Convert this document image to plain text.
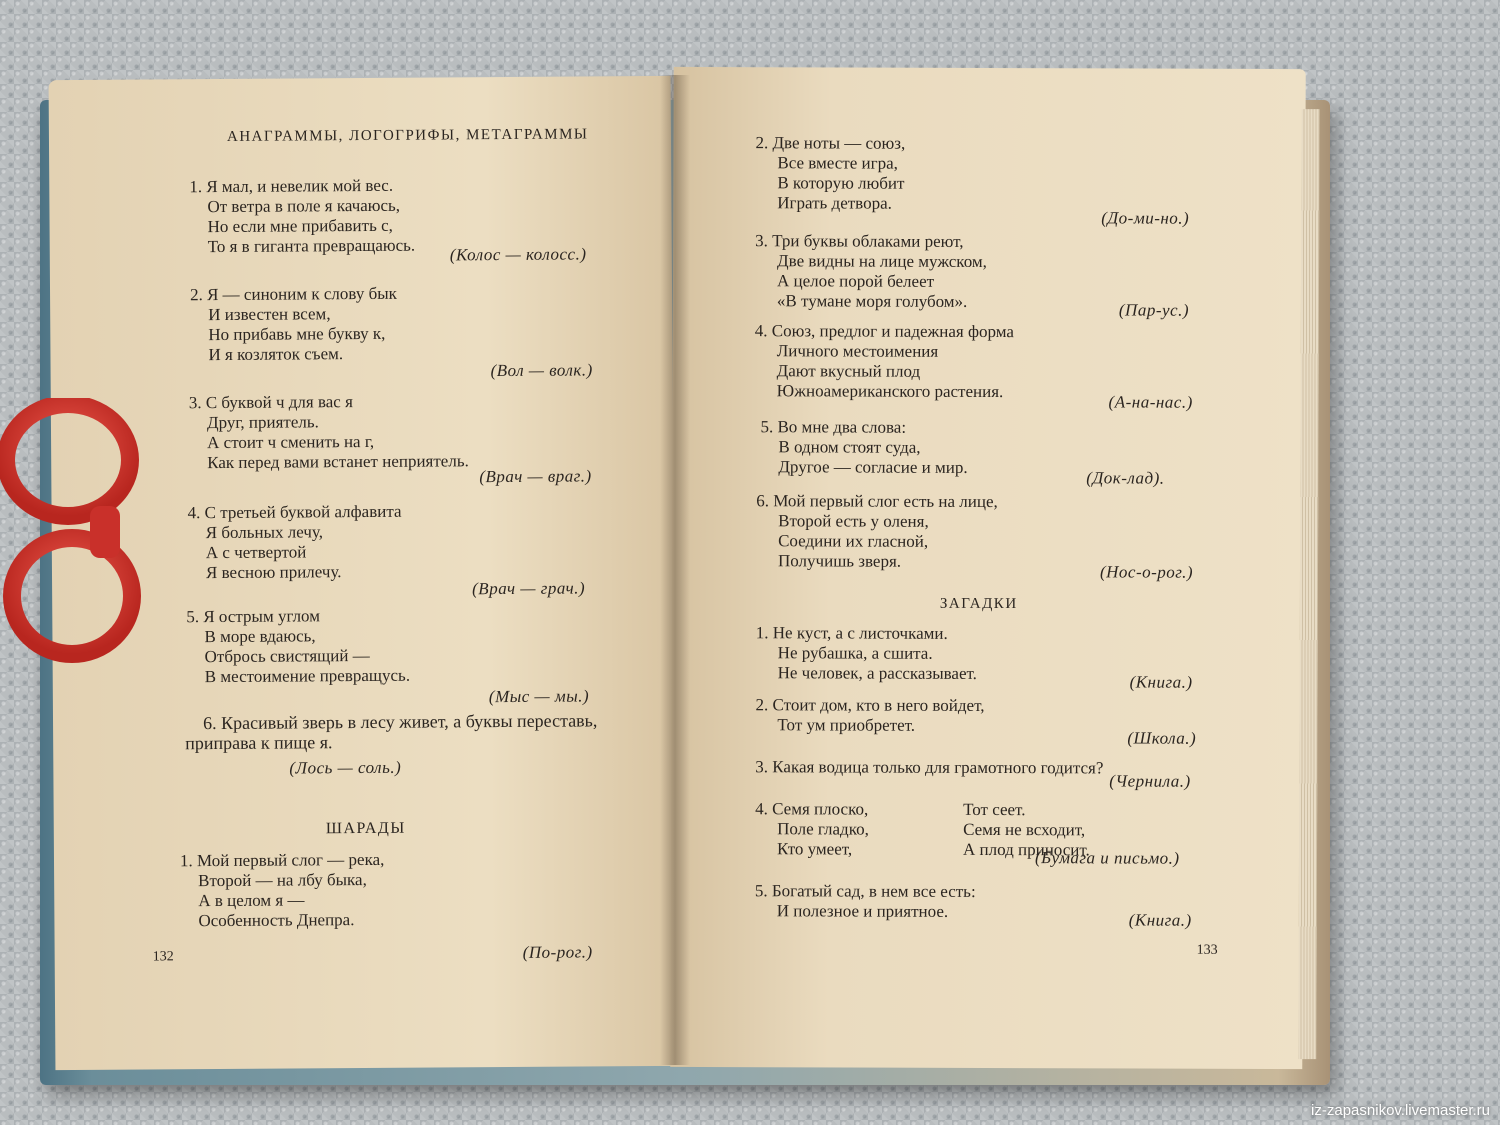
АНАГРАММЫ, ЛОГОГРИФЫ, МЕТАГРАММЫ
1. Я мал, и невелик мой вес.
От ветра в поле я качаюсь,
Но если мне прибавить с,
То я в гиганта превращаюсь. (Колос — колосс.)
2. Я — синоним к слову бык
И известен всем,
Но прибавь мне букву к,
И я козляток съем.
(Вол — волк.)
3. С буквой ч для вас я
Друг, приятель.
А стоит ч сменить на г,
Как перед вами встанет неприятель.
(Врач — враг.)
4. С третьей буквой алфавита
Я больных лечу,
А с четвертой
Я весною прилечу.
(Врач — грач.)
5. Я острым углом
В море вдаюсь,
Отбрось свистящий —
В местоимение превращусь.
(Мыс — мы.)
6. Красивый зверь в лесу живет, а буквы переставь,
приправа к пище я.
(Лось — соль.)
ШАРАДЫ
1. Мой первый слог — река,
Второй — на лбу быка,
А в целом я —
Особенность Днепра.
132	(По-рог.)
2. Две ноты — союз,
Все вместе игра,
В которую любит
Играть детвора.
(До-ми-но.)
3. Три буквы облаками реют,
Две видны на лице мужском,
А целое порой белеет
«В тумане моря голубом».	(Пар-ус.)
4. Союз, предлог и падежная форма
Личного местоимения
Дают вкусный плод
Южноамериканского растения.
(А-на-нас.)
5. Во мне два слова:
В одном стоят суда,
Другое — согласие и мир.
(Док-лад).
6. Мой первый слог есть на лице,
Второй есть у оленя,
Соедини их гласной,
Получишь зверя.
(Нос-о-рог.)
ЗАГАДКИ
1. Не куст, а с листочками.
Не рубашка, а сшита.
Не человек, а рассказывает.	(Книга.)
2. Стоит дом, кто в него войдет,
Тот ум приобретет.
(Школа.)
3. Какая водица только для грамотного годится?
(Чернила.)
4. Семя плоско,
Поле гладко,
Кто умеет,
Тот сеет.
Семя не всходит,
А плод приносит.
(Бумага и письмо.)
5. Богатый сад, в нем все есть:
И полезное и приятное.	(Книга.)
133
iz-zapasnikov.livemaster.ru
